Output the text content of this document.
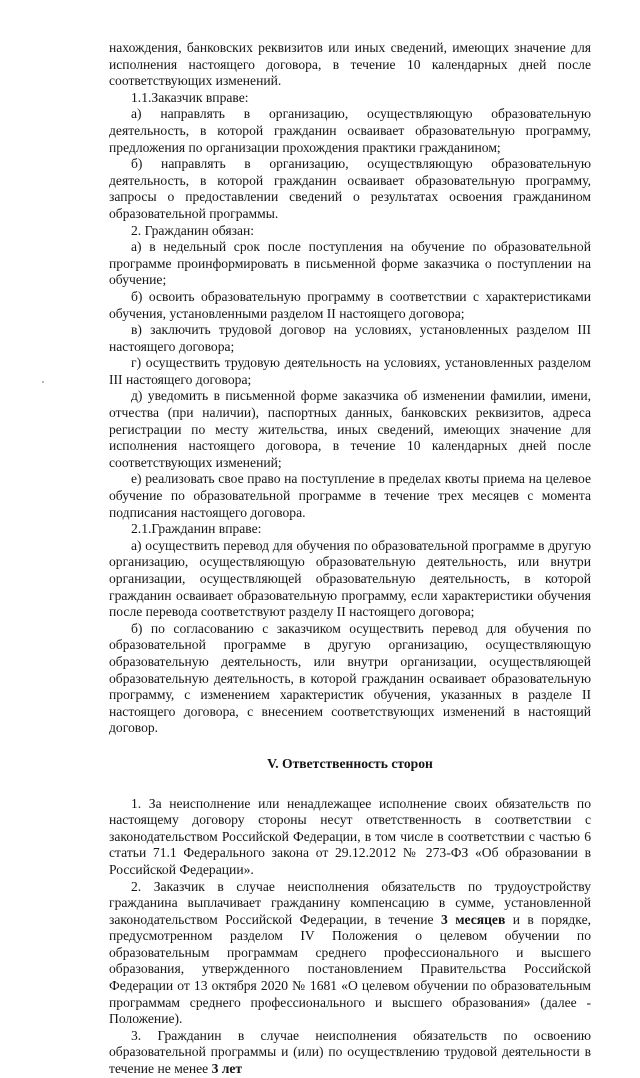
нахождения, банковских реквизитов или иных сведений, имеющих значение для исполнения настоящего договора, в течение 10 календарных дней после соответствующих изменений.

1.1.Заказчик вправе:

а) направлять в организацию, осуществляющую образовательную деятельность, в которой гражданин осваивает образовательную программу, предложения по организации прохождения практики гражданином;

б) направлять в организацию, осуществляющую образовательную деятельность, в которой гражданин осваивает образовательную программу, запросы о предоставлении сведений о результатах освоения гражданином образовательной программы.

2. Гражданин обязан:

а) в недельный срок после поступления на обучение по образовательной программе проинформировать в письменной форме заказчика о поступлении на обучение;

б) освоить образовательную программу в соответствии с характеристиками обучения, установленными разделом II настоящего договора;

в) заключить трудовой договор на условиях, установленных разделом III настоящего договора;

г) осуществить трудовую деятельность на условиях, установленных разделом III настоящего договора;

д) уведомить в письменной форме заказчика об изменении фамилии, имени, отчества (при наличии), паспортных данных, банковских реквизитов, адреса регистрации по месту жительства, иных сведений, имеющих значение для исполнения настоящего договора, в течение 10 календарных дней после соответствующих изменений;

е) реализовать свое право на поступление в пределах квоты приема на целевое обучение по образовательной программе в течение трех месяцев с момента подписания настоящего договора.

2.1.Гражданин вправе:

а) осуществить перевод для обучения по образовательной программе в другую организацию, осуществляющую образовательную деятельность, или внутри организации, осуществляющей образовательную деятельность, в которой гражданин осваивает образовательную программу, если характеристики обучения после перевода соответствуют разделу II настоящего договора;

б) по согласованию с заказчиком осуществить перевод для обучения по образовательной программе в другую организацию, осуществляющую образовательную деятельность, или внутри организации, осуществляющей образовательную деятельность, в которой гражданин осваивает образовательную программу, с изменением характеристик обучения, указанных в разделе II настоящего договора, с внесением соответствующих изменений в настоящий договор.

V. Ответственность сторон

1. За неисполнение или ненадлежащее исполнение своих обязательств по настоящему договору стороны несут ответственность в соответствии с законодательством Российской Федерации, в том числе в соответствии с частью 6 статьи 71.1 Федерального закона от 29.12.2012 № 273-ФЗ «Об образовании в Российской Федерации».

2. Заказчик в случае неисполнения обязательств по трудоустройству гражданина выплачивает гражданину компенсацию в сумме, установленной законодательством Российской Федерации, в течение 3 месяцев и в порядке, предусмотренном разделом IV Положения о целевом обучении по образовательным программам среднего профессионального и высшего образования, утвержденного постановлением Правительства Российской Федерации от 13 октября 2020 № 1681 «О целевом обучении по образовательным программам среднего профессионального и высшего образования» (далее - Положение).

3. Гражданин в случае неисполнения обязательств по освоению образовательной программы и (или) по осуществлению трудовой деятельности в течение не менее 3 лет
